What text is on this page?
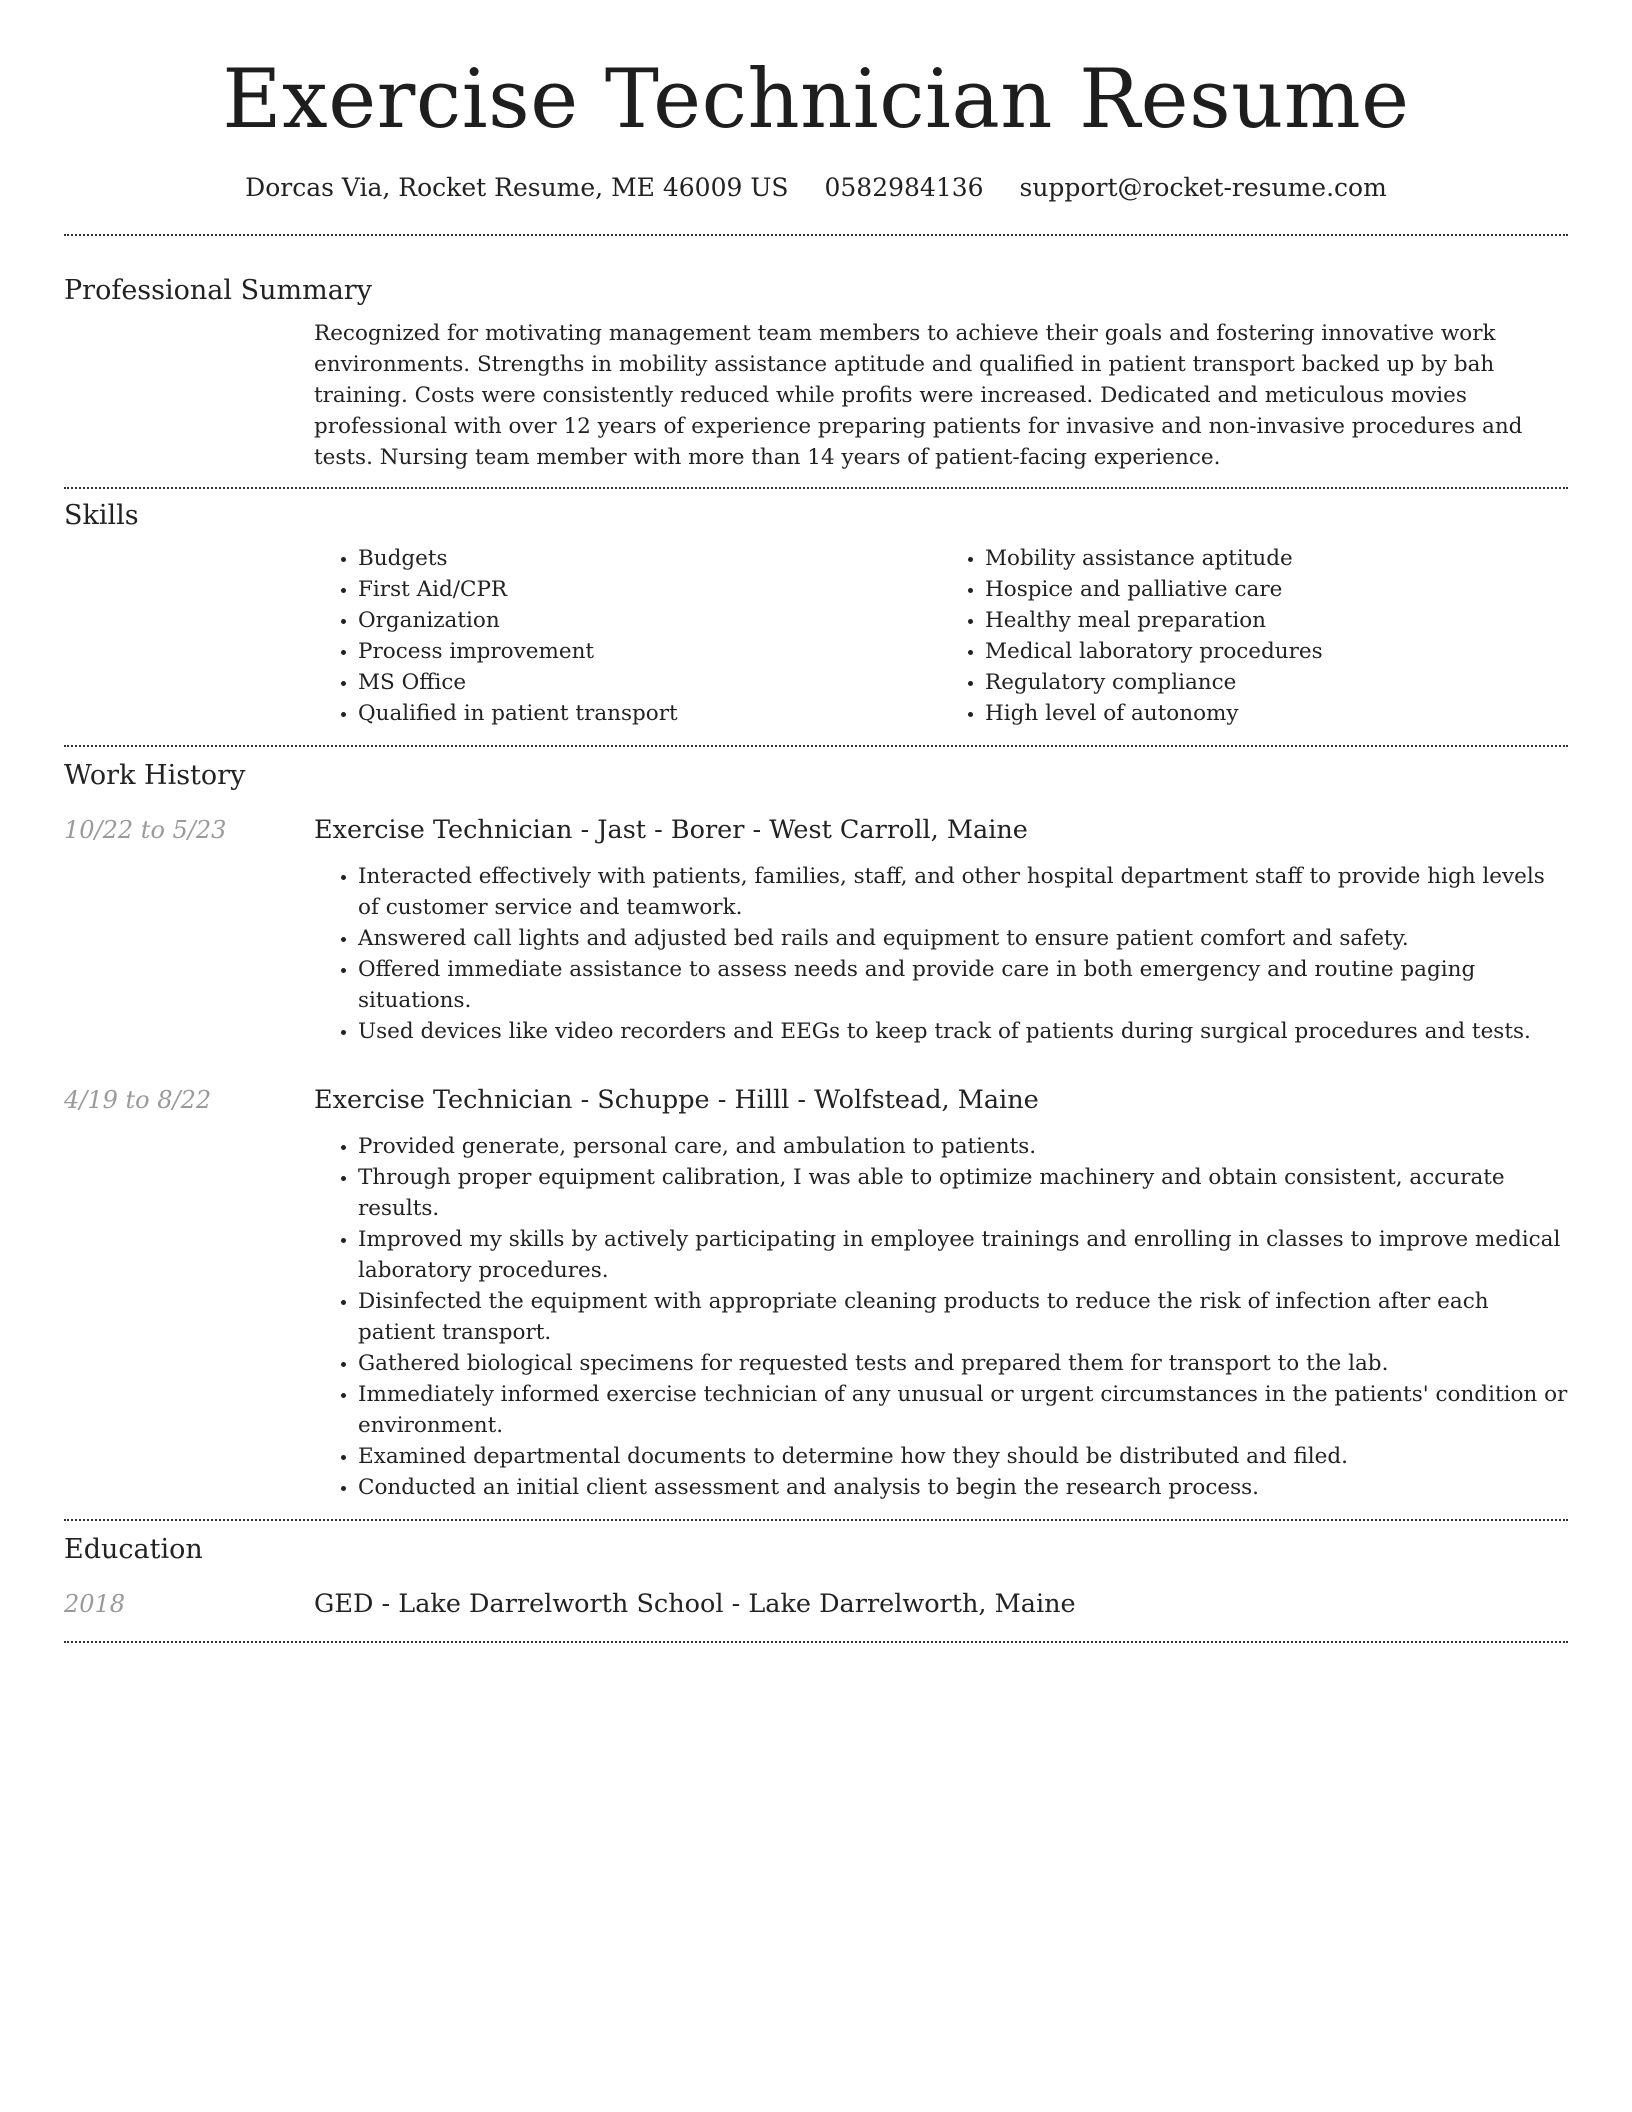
Exercise Technician Resume
Dorcas Via, Rocket Resume, ME 46009 US 0582984136 support@rocket-resume.com
Professional Summary

Recognized for motivating management team members to achieve their goals and fostering innovative work environments. Strengths in mobility assistance aptitude and qualified in patient transport backed up by bah training. Costs were consistently reduced while profits were increased. Dedicated and meticulous movies professional with over 12 years of experience preparing patients for invasive and non-invasive procedures and tests. Nursing team member with more than 14 years of patient-facing experience.

Skills
• Budgets
• First Aid/CPR
• Organization
• Process improvement
• MS Office
• Qualified in patient transport
• Mobility assistance aptitude
• Hospice and palliative care
• Healthy meal preparation
• Medical laboratory procedures
• Regulatory compliance
• High level of autonomy
Work History
10/22 to 5/23	Exercise Technician - Jast - Borer - West Carroll, Maine
• Interacted effectively with patients, families, staff, and other hospital department staff to provide high levels of customer service and teamwork.
• Answered call lights and adjusted bed rails and equipment to ensure patient comfort and safety.
• Offered immediate assistance to assess needs and provide care in both emergency and routine paging situations.
• Used devices like video recorders and EEGs to keep track of patients during surgical procedures and tests.
4/19 to 8/22	Exercise Technician - Schuppe - Hilll - Wolfstead, Maine
• Provided generate, personal care, and ambulation to patients.
• Through proper equipment calibration, I was able to optimize machinery and obtain consistent, accurate results.
• Improved my skills by actively participating in employee trainings and enrolling in classes to improve medical laboratory procedures.
• Disinfected the equipment with appropriate cleaning products to reduce the risk of infection after each patient transport.
• Gathered biological specimens for requested tests and prepared them for transport to the lab.
• Immediately informed exercise technician of any unusual or urgent circumstances in the patients' condition or environment.
• Examined departmental documents to determine how they should be distributed and filed.
• Conducted an initial client assessment and analysis to begin the research process.
Education
2018	GED - Lake Darrelworth School - Lake Darrelworth, Maine
